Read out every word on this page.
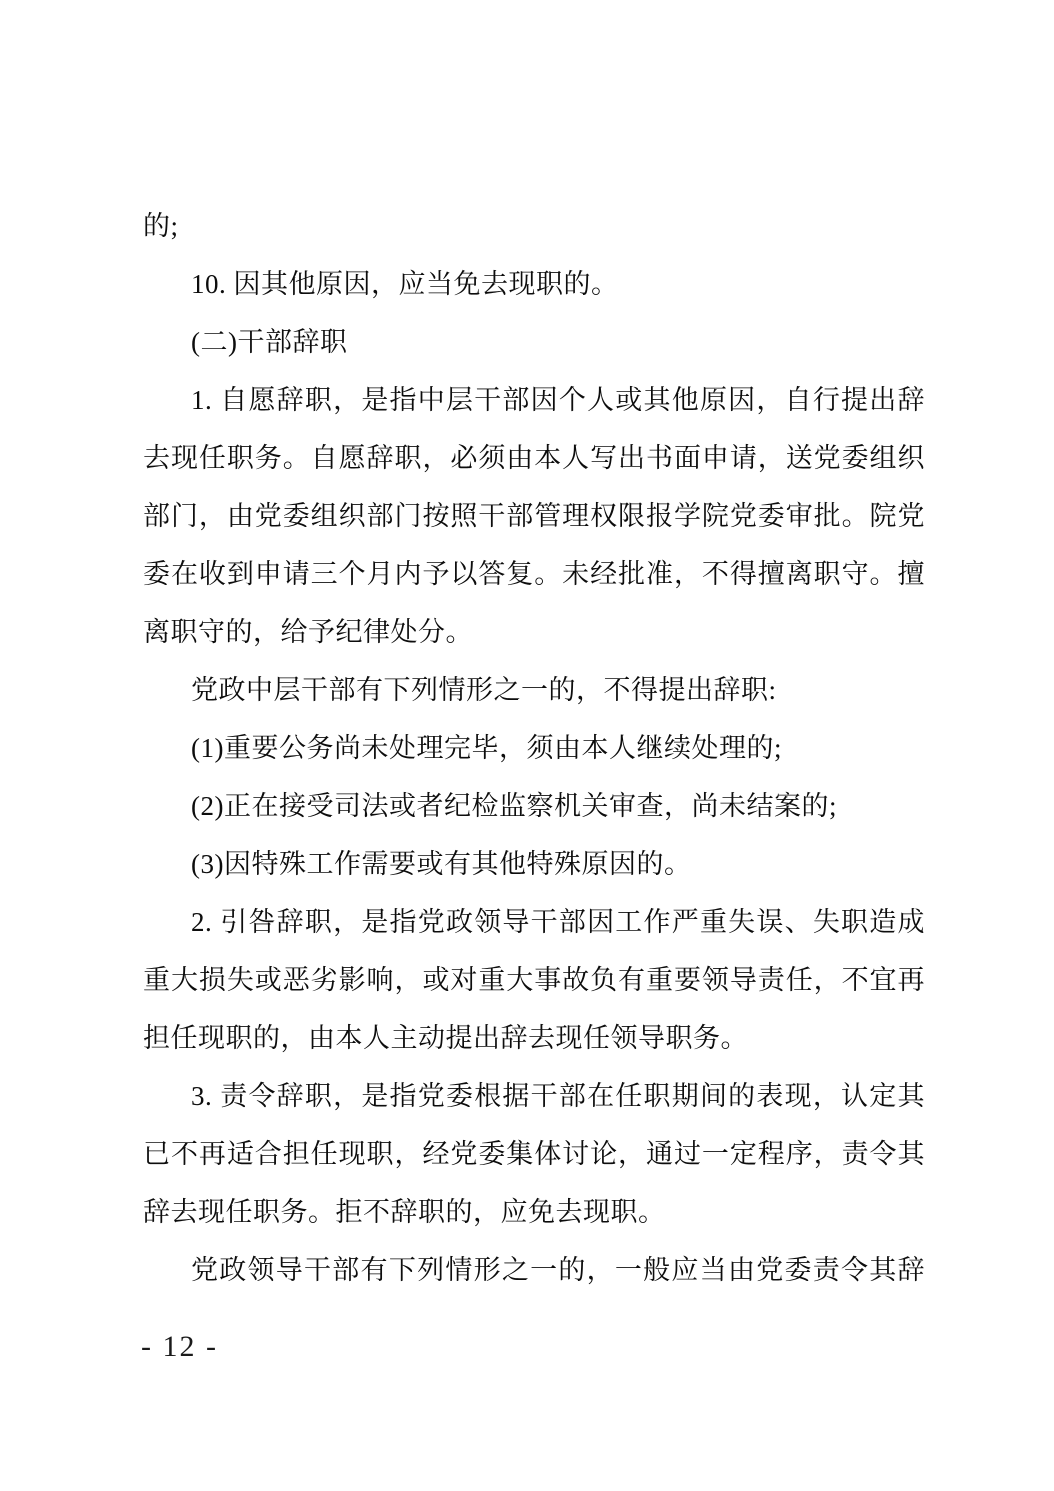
的;
10. 因其他原因，应当免去现职的。
(二)干部辞职
1. 自愿辞职，是指中层干部因个人或其他原因，自行提出辞
去现任职务。自愿辞职，必须由本人写出书面申请，送党委组织
部门，由党委组织部门按照干部管理权限报学院党委审批。院党
委在收到申请三个月内予以答复。未经批准，不得擅离职守。擅
离职守的，给予纪律处分。
党政中层干部有下列情形之一的，不得提出辞职:
(1)重要公务尚未处理完毕，须由本人继续处理的;
(2)正在接受司法或者纪检监察机关审查，尚未结案的;
(3)因特殊工作需要或有其他特殊原因的。
2. 引咎辞职，是指党政领导干部因工作严重失误、失职造成
重大损失或恶劣影响，或对重大事故负有重要领导责任，不宜再
担任现职的，由本人主动提出辞去现任领导职务。
3. 责令辞职，是指党委根据干部在任职期间的表现，认定其
已不再适合担任现职，经党委集体讨论，通过一定程序，责令其
辞去现任职务。拒不辞职的，应免去现职。
党政领导干部有下列情形之一的，一般应当由党委责令其辞
- 12 -
